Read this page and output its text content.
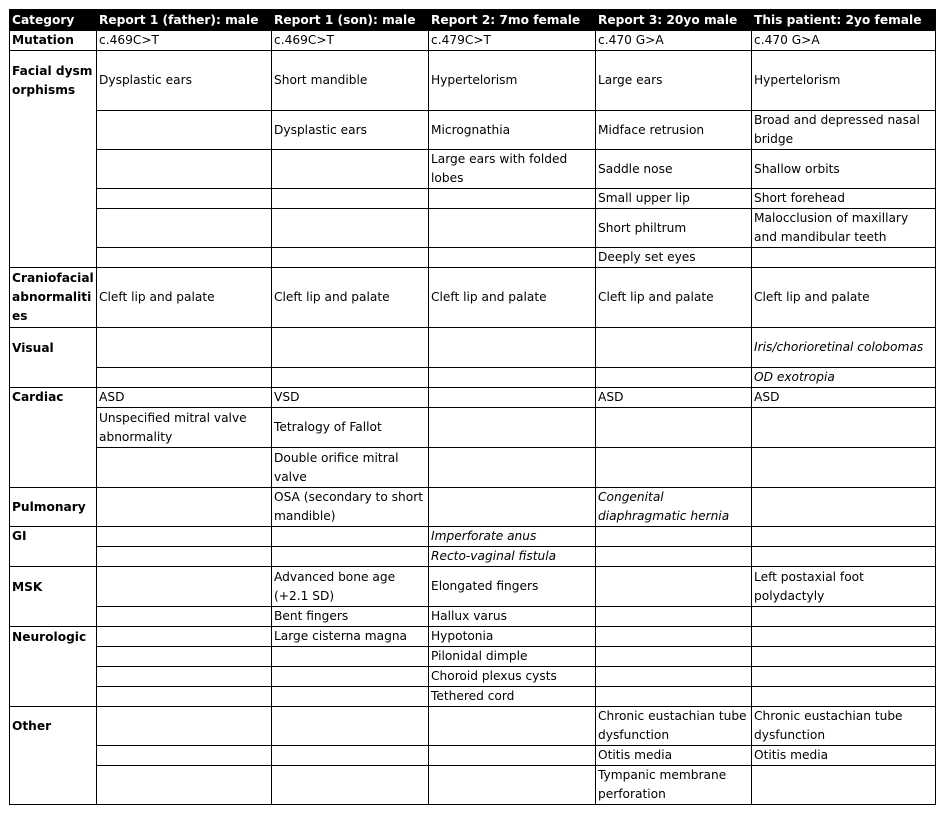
Category	Report 1 (father): male	Report 1 (son): male	Report 2: 7mo female	Report 3: 20yo male	This patient: 2yo female
Mutation	c.469C>T	c.469C>T	c.479C>T	c.470 G>A	c.470 G>A

Facial dysmorphisms	Dysplastic ears	Short mandible	Hypertelorism	Large ears	Hypertelorism
		Dysplastic ears	Micrognathia	Midface retrusion	Broad and depressed nasal bridge
			Large ears with folded lobes	Saddle nose	Shallow orbits
				Small upper lip	Short forehead
				Short philtrum	Malocclusion of maxillary and mandibular teeth
				Deeply set eyes	
Craniofacial abnormalities	Cleft lip and palate	Cleft lip and palate	Cleft lip and palate	Cleft lip and palate	Cleft lip and palate

Visual					Iris/chorioretinal colobomas
					OD exotropia

Cardiac	ASD	VSD		ASD	ASD
	Unspecified mitral valve abnormality	Tetralogy of Fallot			
		Double orifice mitral valve			
Pulmonary		OSA (secondary to short mandible)		Congenital diaphragmatic hernia	

GI			Imperforate anus		
			Recto-vaginal fistula		

MSK		Advanced bone age (+2.1 SD)	Elongated fingers		Left postaxial foot polydactyly
		Bent fingers	Hallux varus		

Neurologic		Large cisterna magna	Hypotonia		
			Pilonidal dimple		
			Choroid plexus cysts		
			Tethered cord		

Other				Chronic eustachian tube dysfunction	Chronic eustachian tube dysfunction
				Otitis media	Otitis media
				Tympanic membrane perforation	
